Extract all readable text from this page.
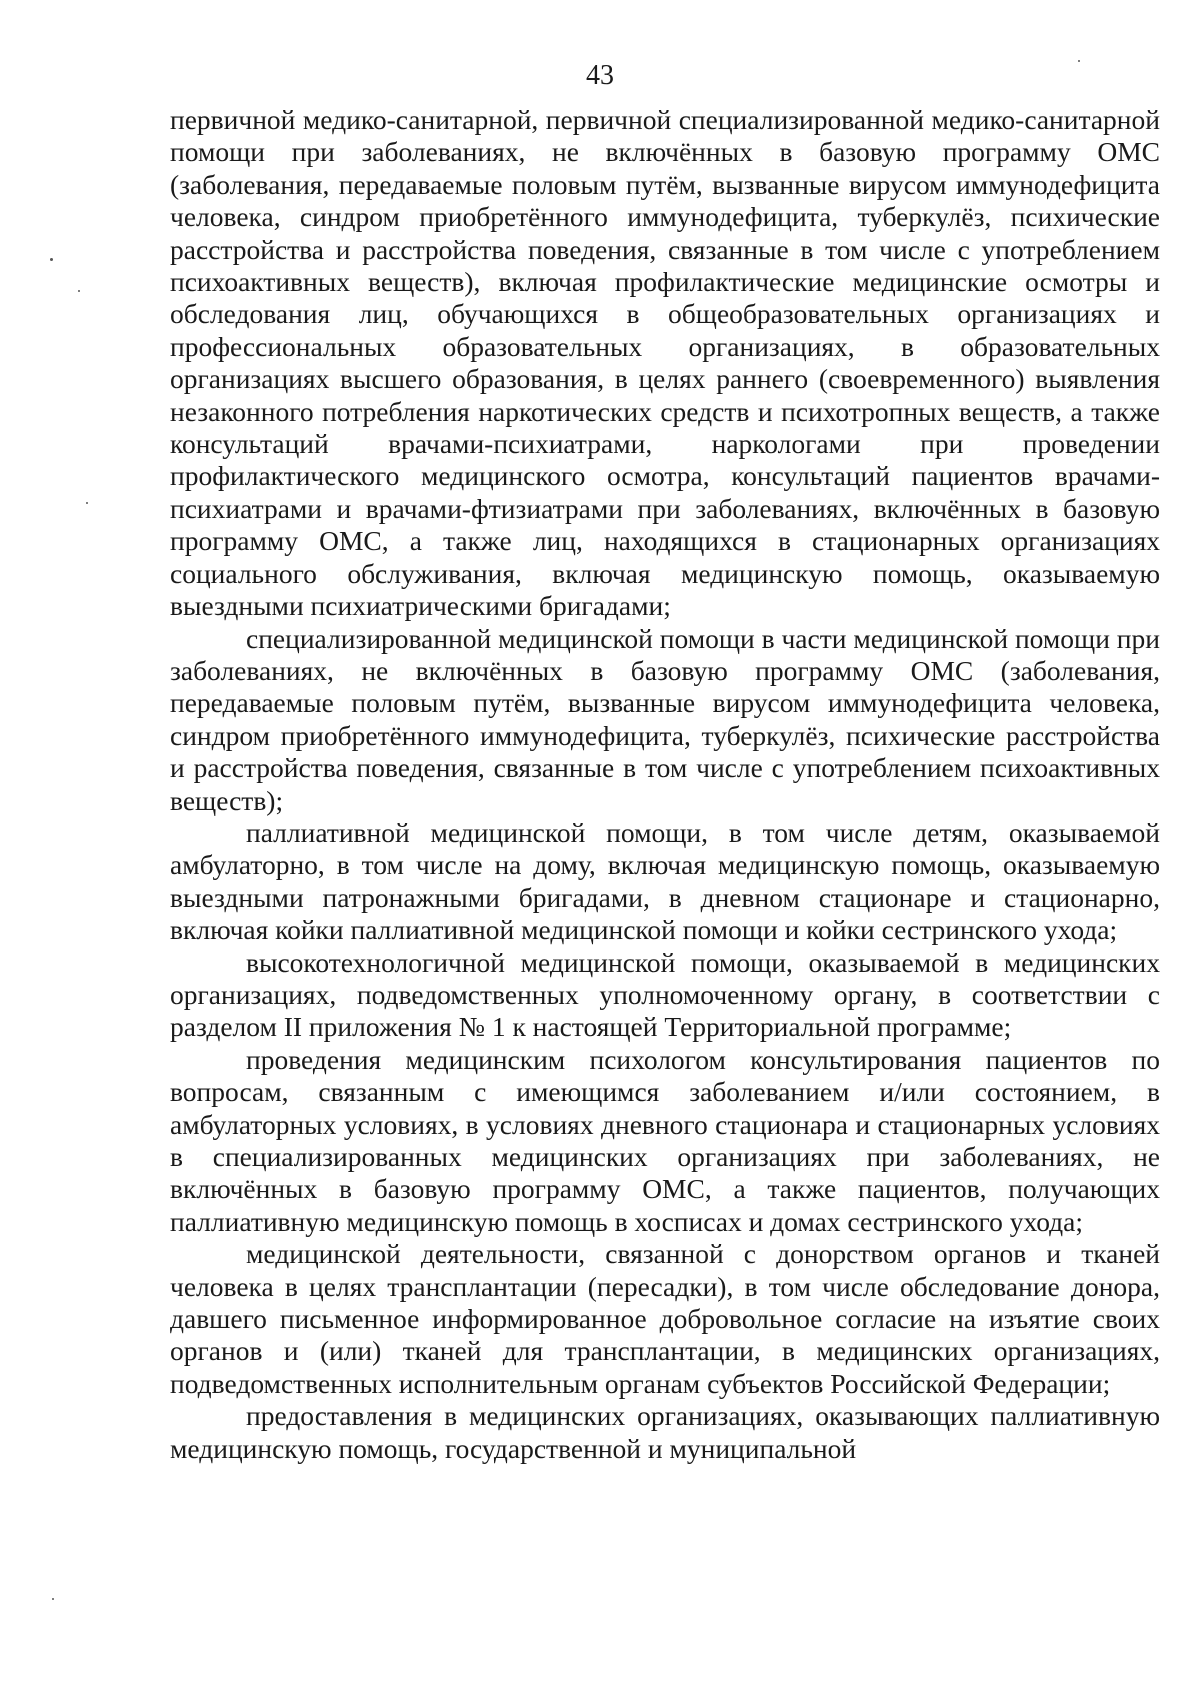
43

первичной медико-санитарной, первичной специализированной медико-санитарной помощи при заболеваниях, не включённых в базовую программу ОМС (заболевания, передаваемые половым путём, вызванные вирусом иммунодефицита человека, синдром приобретённого иммунодефицита, туберкулёз, психические расстройства и расстройства поведения, связанные в том числе с употреблением психоактивных веществ), включая профилактические медицинские осмотры и обследования лиц, обучающихся в общеобразовательных организациях и профессиональных образовательных организациях, в образовательных организациях высшего образования, в целях раннего (своевременного) выявления незаконного потребления наркотических средств и психотропных веществ, а также консультаций врачами-психиатрами, наркологами при проведении профилактического медицинского осмотра, консультаций пациентов врачами-психиатрами и врачами-фтизиатрами при заболеваниях, включённых в базовую программу ОМС, а также лиц, находящихся в стационарных организациях социального обслуживания, включая медицинскую помощь, оказываемую выездными психиатрическими бригадами;

специализированной медицинской помощи в части медицинской помощи при заболеваниях, не включённых в базовую программу ОМС (заболевания, передаваемые половым путём, вызванные вирусом иммунодефицита человека, синдром приобретённого иммунодефицита, туберкулёз, психические расстройства и расстройства поведения, связанные в том числе с употреблением психоактивных веществ);

паллиативной медицинской помощи, в том числе детям, оказываемой амбулаторно, в том числе на дому, включая медицинскую помощь, оказываемую выездными патронажными бригадами, в дневном стационаре и стационарно, включая койки паллиативной медицинской помощи и койки сестринского ухода;

высокотехнологичной медицинской помощи, оказываемой в медицинских организациях, подведомственных уполномоченному органу, в соответствии с разделом II приложения № 1 к настоящей Территориальной программе;

проведения медицинским психологом консультирования пациентов по вопросам, связанным с имеющимся заболеванием и/или состоянием, в амбулаторных условиях, в условиях дневного стационара и стационарных условиях в специализированных медицинских организациях при заболеваниях, не включённых в базовую программу ОМС, а также пациентов, получающих паллиативную медицинскую помощь в хосписах и домах сестринского ухода;

медицинской деятельности, связанной с донорством органов и тканей человека в целях трансплантации (пересадки), в том числе обследование донора, давшего письменное информированное добровольное согласие на изъятие своих органов и (или) тканей для трансплантации, в медицинских организациях, подведомственных исполнительным органам субъектов Российской Федерации;

предоставления в медицинских организациях, оказывающих паллиативную медицинскую помощь, государственной и муниципальной
